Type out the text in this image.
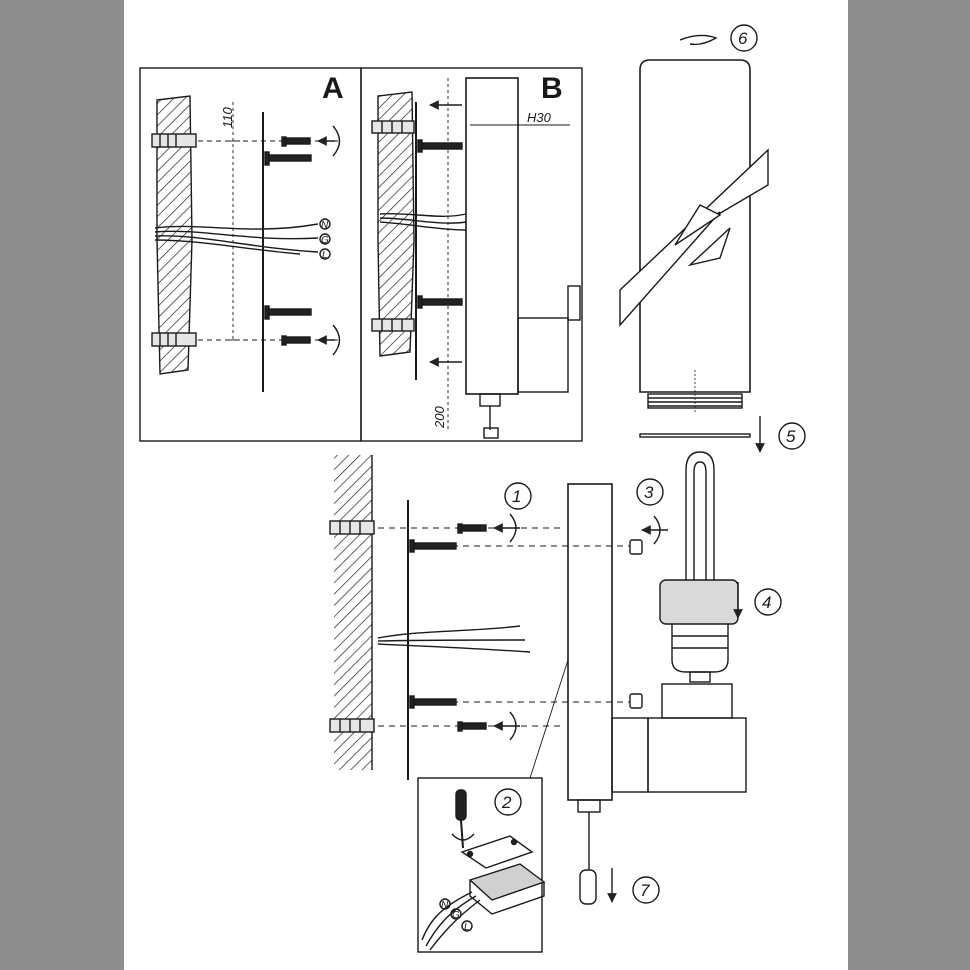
A	B
110	H30
200
N
G
L
N
G
L
1
2
3
4
5
6
7
